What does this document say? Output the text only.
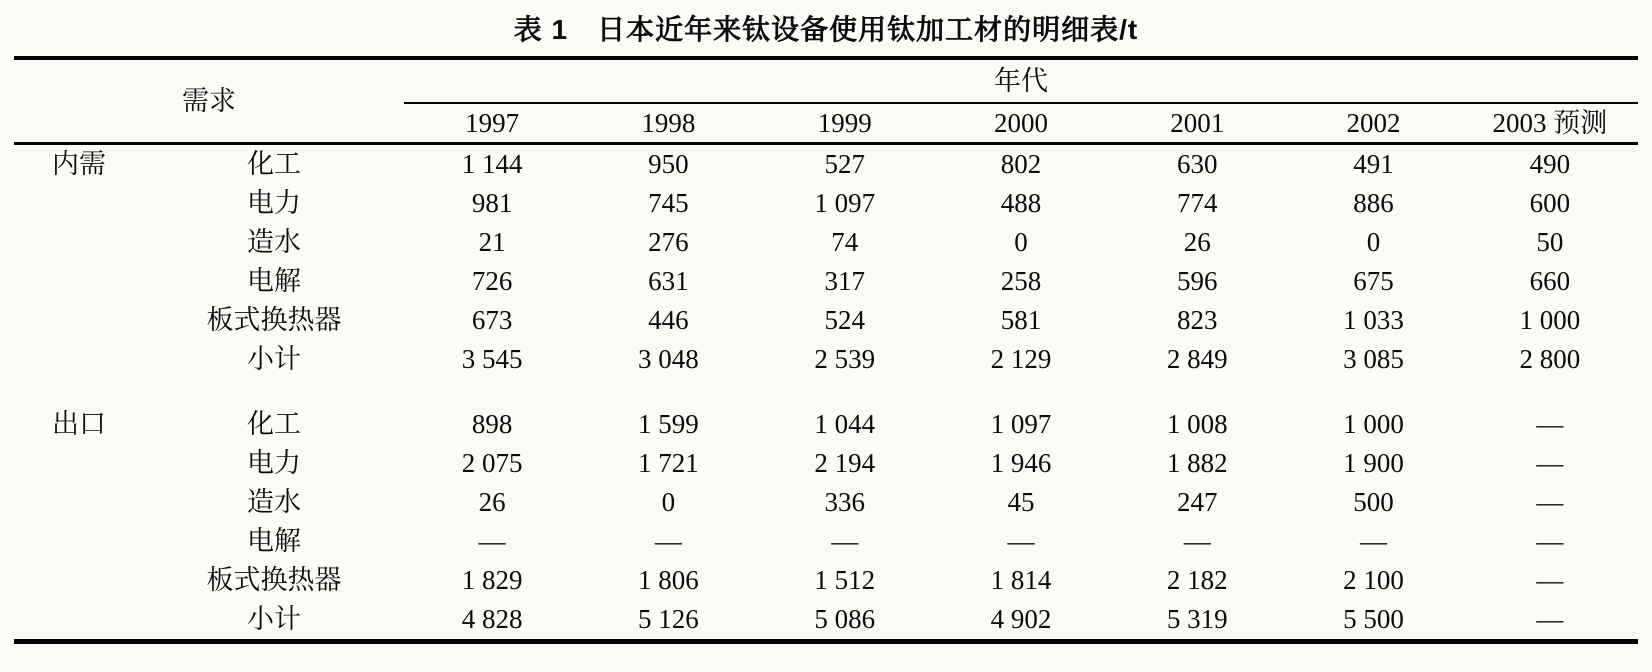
表 1　日本近年来钛设备使用钛加工材的明细表/t
需求		年代						
		1997	1998	1999	2000	2001	2002	2003 预测
内需	化工	1 144	950	527	802	630	491	490
	电力	981	745	1 097	488	774	886	600
	造水	21	276	74	0	26	0	50
	电解	726	631	317	258	596	675	660
	板式换热器	673	446	524	581	823	1 033	1 000
	小计	3 545	3 048	2 539	2 129	2 849	3 085	2 800

出口	化工	898	1 599	1 044	1 097	1 008	1 000	—
	电力	2 075	1 721	2 194	1 946	1 882	1 900	—
	造水	26	0	336	45	247	500	—
	电解	—	—	—	—	—	—	—
	板式换热器	1 829	1 806	1 512	1 814	2 182	2 100	—
	小计	4 828	5 126	5 086	4 902	5 319	5 500	—
